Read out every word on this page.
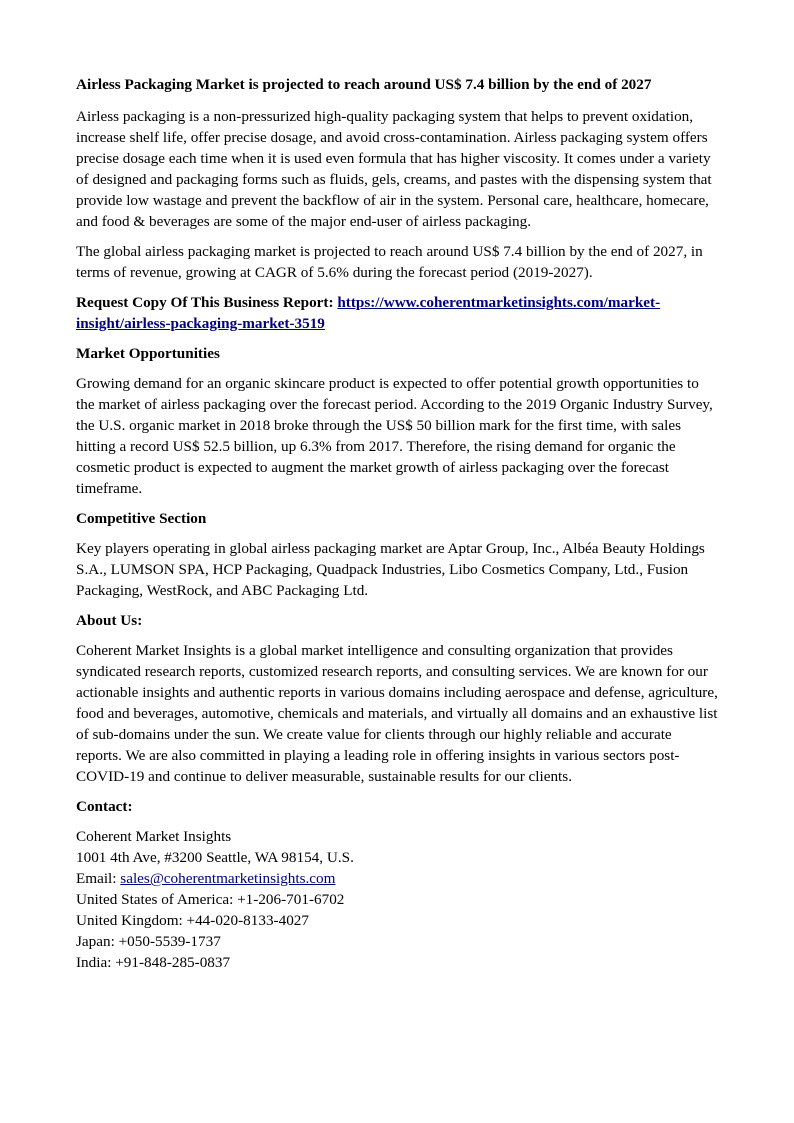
Airless Packaging Market is projected to reach around US$ 7.4 billion by the end of 2027

Airless packaging is a non-pressurized high-quality packaging system that helps to prevent oxidation, increase shelf life, offer precise dosage, and avoid cross-contamination. Airless packaging system offers precise dosage each time when it is used even formula that has higher viscosity. It comes under a variety of designed and packaging forms such as fluids, gels, creams, and pastes with the dispensing system that provide low wastage and prevent the backflow of air in the system. Personal care, healthcare, homecare, and food & beverages are some of the major end-user of airless packaging.

The global airless packaging market is projected to reach around US$ 7.4 billion by the end of 2027, in terms of revenue, growing at CAGR of 5.6% during the forecast period (2019-2027).

Request Copy Of This Business Report: https://www.coherentmarketinsights.com/market-insight/airless-packaging-market-3519

Market Opportunities

Growing demand for an organic skincare product is expected to offer potential growth opportunities to the market of airless packaging over the forecast period. According to the 2019 Organic Industry Survey, the U.S. organic market in 2018 broke through the US$ 50 billion mark for the first time, with sales hitting a record US$ 52.5 billion, up 6.3% from 2017. Therefore, the rising demand for organic the cosmetic product is expected to augment the market growth of airless packaging over the forecast timeframe.

Competitive Section

Key players operating in global airless packaging market are Aptar Group, Inc., Albéa Beauty Holdings S.A., LUMSON SPA, HCP Packaging, Quadpack Industries, Libo Cosmetics Company, Ltd., Fusion Packaging, WestRock, and ABC Packaging Ltd.

About Us:

Coherent Market Insights is a global market intelligence and consulting organization that provides syndicated research reports, customized research reports, and consulting services. We are known for our actionable insights and authentic reports in various domains including aerospace and defense, agriculture, food and beverages, automotive, chemicals and materials, and virtually all domains and an exhaustive list of sub-domains under the sun. We create value for clients through our highly reliable and accurate reports. We are also committed in playing a leading role in offering insights in various sectors post-COVID-19 and continue to deliver measurable, sustainable results for our clients.

Contact:

Coherent Market Insights
1001 4th Ave, #3200 Seattle, WA 98154, U.S.
Email: sales@coherentmarketinsights.com
United States of America: +1-206-701-6702
United Kingdom: +44-020-8133-4027
Japan: +050-5539-1737
India: +91-848-285-0837
